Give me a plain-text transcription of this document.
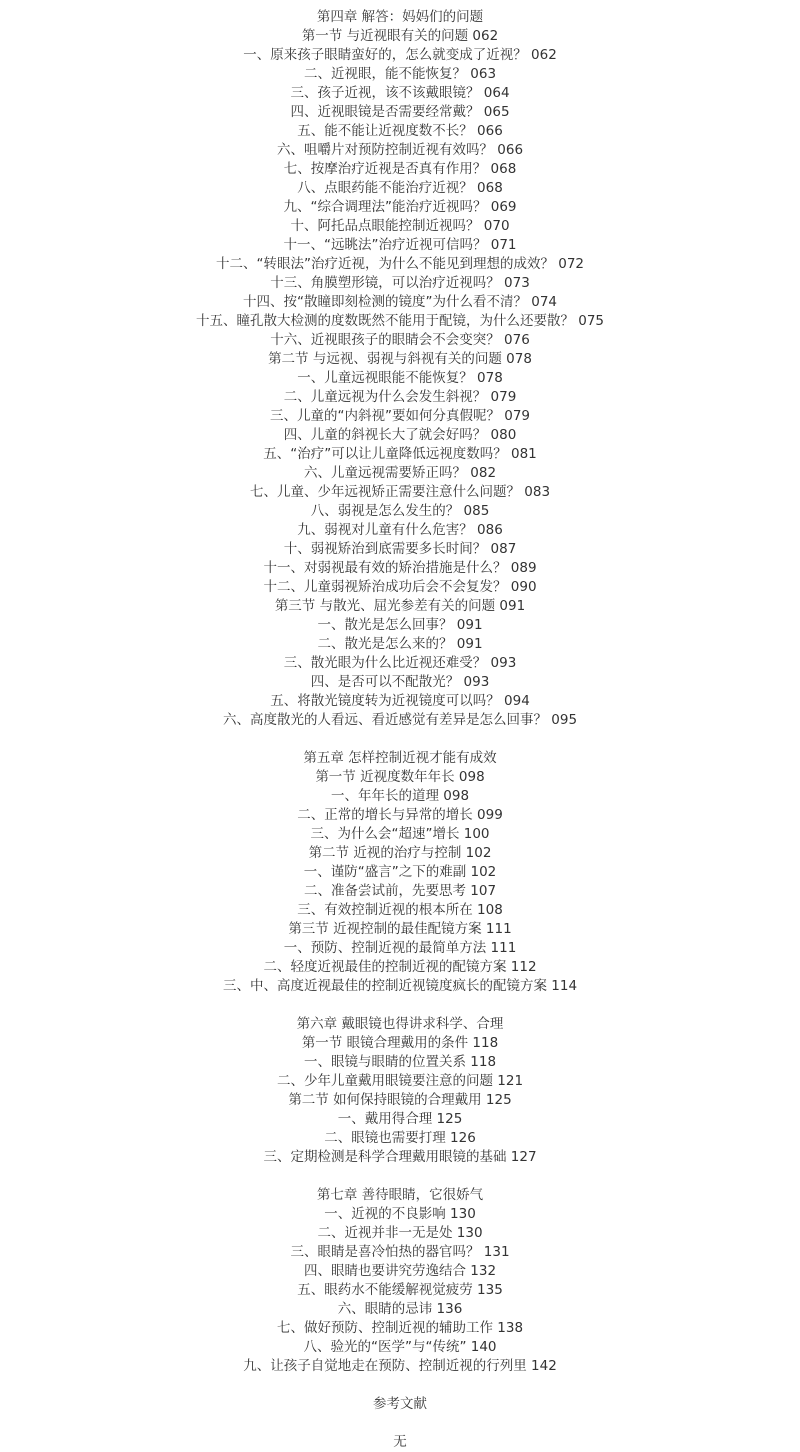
第四章 解答：妈妈们的问题
第一节 与近视眼有关的问题 062
一、原来孩子眼睛蛮好的，怎么就变成了近视？ 062
二、近视眼，能不能恢复？ 063
三、孩子近视，该不该戴眼镜？ 064
四、近视眼镜是否需要经常戴？ 065
五、能不能让近视度数不长？ 066
六、咀嚼片对预防控制近视有效吗？ 066
七、按摩治疗近视是否真有作用？ 068
八、点眼药能不能治疗近视？ 068
九、“综合调理法”能治疗近视吗？ 069
十、阿托品点眼能控制近视吗？ 070
十一、“远眺法”治疗近视可信吗？ 071
十二、“转眼法”治疗近视，为什么不能见到理想的成效？ 072
十三、角膜塑形镜，可以治疗近视吗？ 073
十四、按“散瞳即刻检测的镜度”为什么看不清？ 074
十五、瞳孔散大检测的度数既然不能用于配镜，为什么还要散？ 075
十六、近视眼孩子的眼睛会不会变突？ 076
第二节 与远视、弱视与斜视有关的问题 078
一、儿童远视眼能不能恢复？ 078
二、儿童远视为什么会发生斜视？ 079
三、儿童的“内斜视”要如何分真假呢？ 079
四、儿童的斜视长大了就会好吗？ 080
五、“治疗”可以让儿童降低远视度数吗？ 081
六、儿童远视需要矫正吗？ 082
七、儿童、少年远视矫正需要注意什么问题？ 083
八、弱视是怎么发生的？ 085
九、弱视对儿童有什么危害？ 086
十、弱视矫治到底需要多长时间？ 087
十一、对弱视最有效的矫治措施是什么？ 089
十二、儿童弱视矫治成功后会不会复发？ 090
第三节 与散光、屈光参差有关的问题 091
一、散光是怎么回事？ 091
二、散光是怎么来的？ 091
三、散光眼为什么比近视还难受？ 093
四、是否可以不配散光？ 093
五、将散光镜度转为近视镜度可以吗？ 094
六、高度散光的人看远、看近感觉有差异是怎么回事？ 095
第五章 怎样控制近视才能有成效
第一节 近视度数年年长 098
一、年年长的道理 098
二、正常的增长与异常的增长 099
三、为什么会“超速”增长 100
第二节 近视的治疗与控制 102
一、谨防“盛言”之下的难副 102
二、准备尝试前，先要思考 107
三、有效控制近视的根本所在 108
第三节 近视控制的最佳配镜方案 111
一、预防、控制近视的最简单方法 111
二、轻度近视最佳的控制近视的配镜方案 112
三、中、高度近视最佳的控制近视镜度疯长的配镜方案 114
第六章 戴眼镜也得讲求科学、合理
第一节 眼镜合理戴用的条件 118
一、眼镜与眼睛的位置关系 118
二、少年儿童戴用眼镜要注意的问题 121
第二节 如何保持眼镜的合理戴用 125
一、戴用得合理 125
二、眼镜也需要打理 126
三、定期检测是科学合理戴用眼镜的基础 127
第七章 善待眼睛，它很娇气
一、近视的不良影响 130
二、近视并非一无是处 130
三、眼睛是喜冷怕热的器官吗？ 131
四、眼睛也要讲究劳逸结合 132
五、眼药水不能缓解视觉疲劳 135
六、眼睛的忌讳 136
七、做好预防、控制近视的辅助工作 138
八、验光的“医学”与“传统” 140
九、让孩子自觉地走在预防、控制近视的行列里 142
参考文献
无
